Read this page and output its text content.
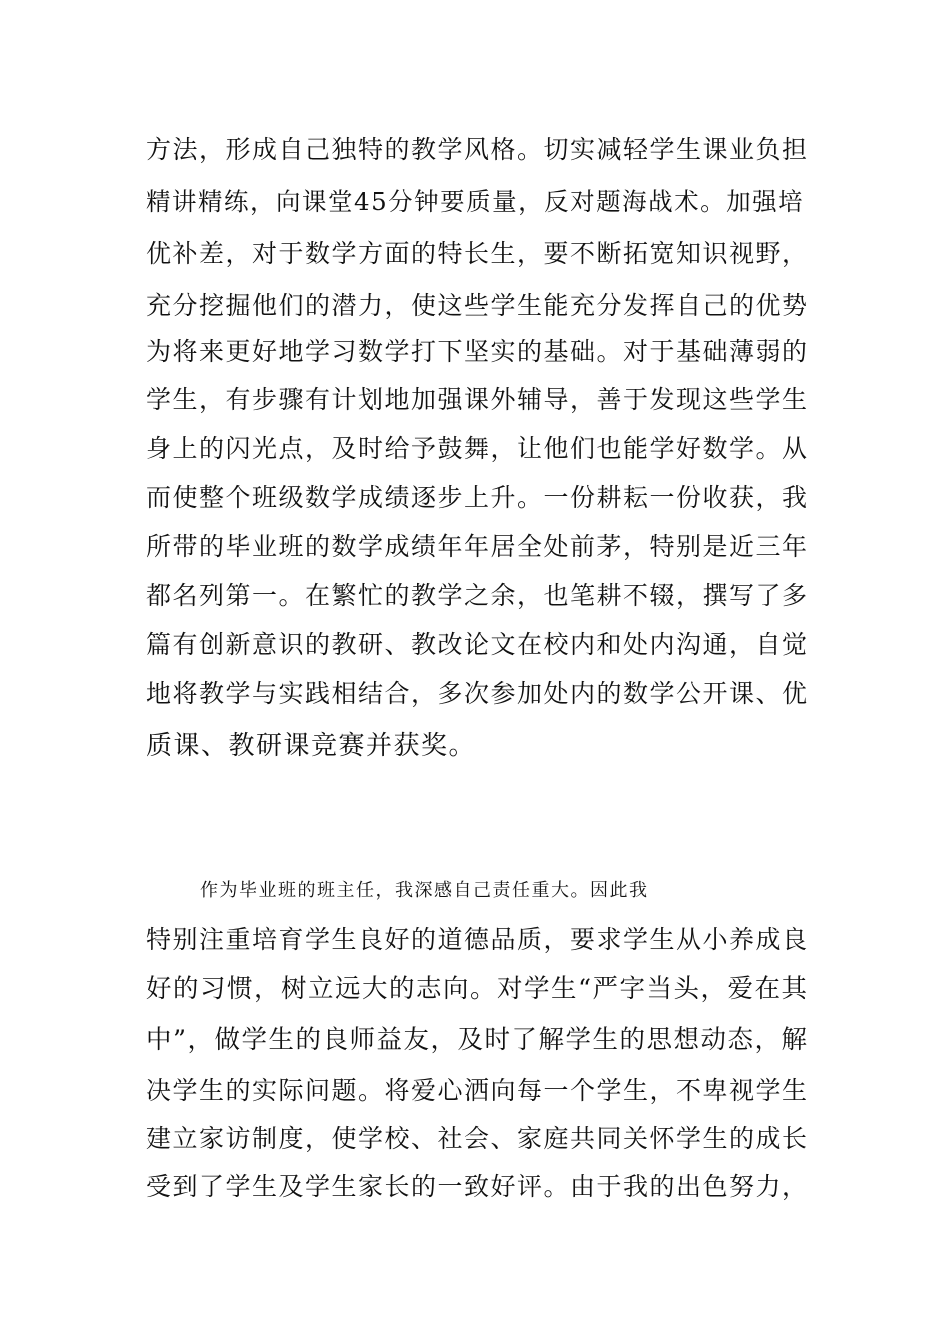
方法，形成自己独特的教学风格。切实减轻学生课业负担
精讲精练，向课堂45分钟要质量，反对题海战术。加强培
优补差，对于数学方面的特长生，要不断拓宽知识视野，
充分挖掘他们的潜力，使这些学生能充分发挥自己的优势
为将来更好地学习数学打下坚实的基础。对于基础薄弱的
学生，有步骤有计划地加强课外辅导，善于发现这些学生
身上的闪光点，及时给予鼓舞，让他们也能学好数学。从
而使整个班级数学成绩逐步上升。一份耕耘一份收获，我
所带的毕业班的数学成绩年年居全处前茅，特别是近三年
都名列第一。在繁忙的教学之余，也笔耕不辍，撰写了多
篇有创新意识的教研、教改论文在校内和处内沟通，自觉
地将教学与实践相结合，多次参加处内的数学公开课、优
质课、教研课竞赛并获奖。
作为毕业班的班主任，我深感自己责任重大。因此我
特别注重培育学生良好的道德品质，要求学生从小养成良
好的习惯，树立远大的志向。对学生“严字当头，爱在其
中”，做学生的良师益友，及时了解学生的思想动态，解
决学生的实际问题。将爱心洒向每一个学生，不卑视学生
建立家访制度，使学校、社会、家庭共同关怀学生的成长
受到了学生及学生家长的一致好评。由于我的出色努力，
